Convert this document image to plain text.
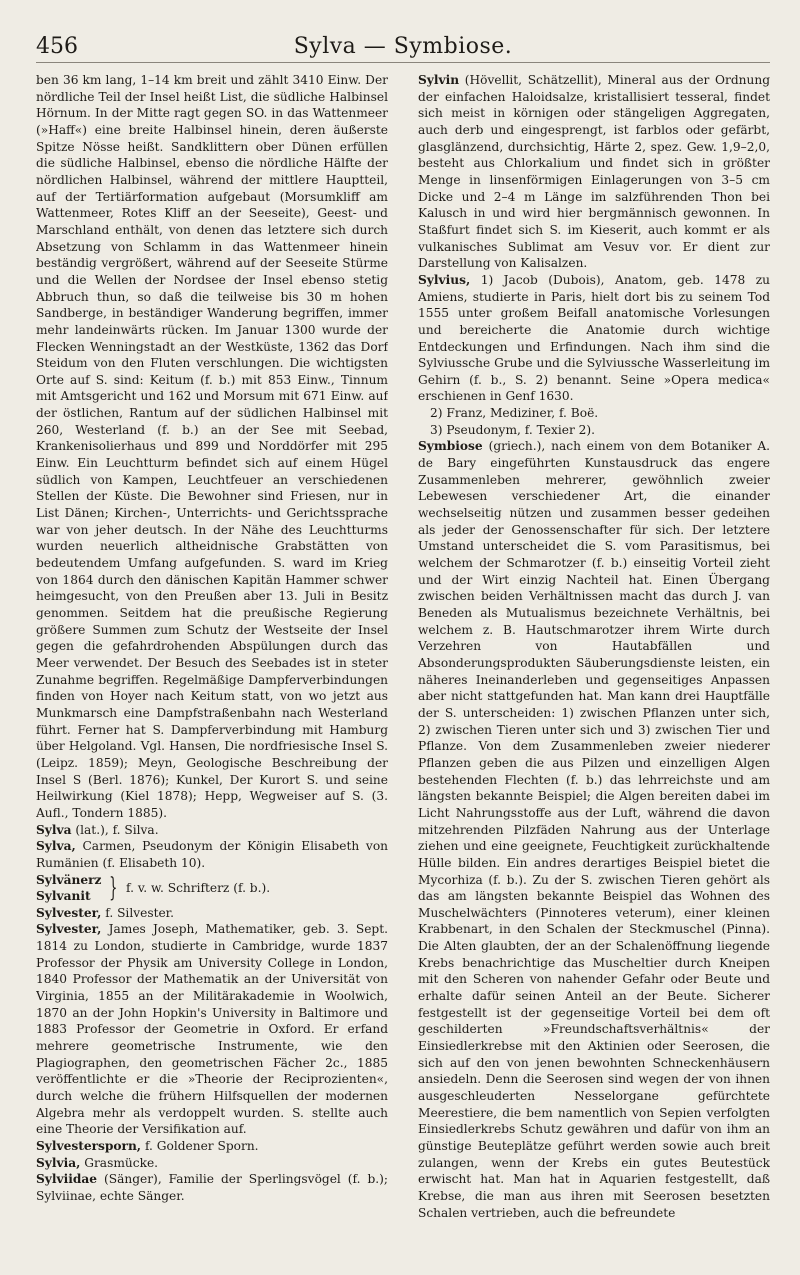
456	Sylva — Symbiose.

ben 36 km lang, 1–14 km breit und zählt 3410 Einw. Der nördliche Teil der Insel heißt List, die südliche Halbinsel Hörnum. In der Mitte ragt gegen SO. in das Wattenmeer (»Haff«) eine breite Halbinsel hinein, deren äußerste Spitze Nösse heißt. Sandklittern ober Dünen erfüllen die südliche Halbinsel, ebenso die nördliche Hälfte der nördlichen Halbinsel, während der mittlere Hauptteil, auf der Tertiärformation aufgebaut (Morsumkliff am Wattenmeer, Rotes Kliff an der Seeseite), Geest- und Marschland enthält, von denen das letztere sich durch Absetzung von Schlamm in das Wattenmeer hinein beständig vergrößert, während auf der Seeseite Stürme und die Wellen der Nordsee der Insel ebenso stetig Abbruch thun, so daß die teilweise bis 30 m hohen Sandberge, in beständiger Wanderung begriffen, immer mehr landeinwärts rücken. Im Januar 1300 wurde der Flecken Wenningstadt an der Westküste, 1362 das Dorf Steidum von den Fluten verschlungen. Die wichtigsten Orte auf S. sind: Keitum (f. b.) mit 853 Einw., Tinnum mit Amtsgericht und 162 und Morsum mit 671 Einw. auf der östlichen, Rantum auf der südlichen Halbinsel mit 260, Westerland (f. b.) an der See mit Seebad, Krankenisolierhaus und 899 und Norddörfer mit 295 Einw. Ein Leuchtturm befindet sich auf einem Hügel südlich von Kampen, Leuchtfeuer an verschiedenen Stellen der Küste. Die Bewohner sind Friesen, nur in List Dänen; Kirchen-, Unterrichts- und Gerichtssprache war von jeher deutsch. In der Nähe des Leuchtturms wurden neuerlich altheidnische Grabstätten von bedeutendem Umfang aufgefunden. S. ward im Krieg von 1864 durch den dänischen Kapitän Hammer schwer heimgesucht, von den Preußen aber 13. Juli in Besitz genommen. Seitdem hat die preußische Regierung größere Summen zum Schutz der Westseite der Insel gegen die gefahrdrohenden Abspülungen durch das Meer verwendet. Der Besuch des Seebades ist in steter Zunahme begriffen. Regelmäßige Dampferverbindungen finden von Hoyer nach Keitum statt, von wo jetzt aus Munkmarsch eine Dampfstraßenbahn nach Westerland führt. Ferner hat S. Dampferverbindung mit Hamburg über Helgoland. Vgl. Hansen, Die nordfriesische Insel S. (Leipz. 1859); Meyn, Geologische Beschreibung der Insel S (Berl. 1876); Kunkel, Der Kurort S. und seine Heilwirkung (Kiel 1878); Hepp, Wegweiser auf S. (3. Aufl., Tondern 1885).

Sylva (lat.), f. Silva.

Sylva, Carmen, Pseudonym der Königin Elisabeth von Rumänien (f. Elisabeth 10).

Sylvänerz
Sylvanit } f. v. w. Schrifterz (f. b.).

Sylvester, f. Silvester.

Sylvester, James Joseph, Mathematiker, geb. 3. Sept. 1814 zu London, studierte in Cambridge, wurde 1837 Professor der Physik am University College in London, 1840 Professor der Mathematik an der Universität von Virginia, 1855 an der Militärakademie in Woolwich, 1870 an der John Hopkin's University in Baltimore und 1883 Professor der Geometrie in Oxford. Er erfand mehrere geometrische Instrumente, wie den Plagiographen, den geometrischen Fächer 2c., 1885 veröffentlichte er die »Theorie der Reciprozienten«, durch welche die frühern Hilfsquellen der modernen Algebra mehr als verdoppelt wurden. S. stellte auch eine Theorie der Versifikation auf.

Sylvestersporn, f. Goldener Sporn.

Sylvia, Grasmücke.

Sylviidae (Sänger), Familie der Sperlingsvögel (f. b.); Sylviinae, echte Sänger.

Sylvin (Hövellit, Schätzellit), Mineral aus der Ordnung der einfachen Haloidsalze, kristallisiert tesseral, findet sich meist in körnigen oder stängeligen Aggregaten, auch derb und eingesprengt, ist farblos oder gefärbt, glasglänzend, durchsichtig, Härte 2, spez. Gew. 1,9–2,0, besteht aus Chlorkalium und findet sich in größter Menge in linsenförmigen Einlagerungen von 3–5 cm Dicke und 2–4 m Länge im salzführenden Thon bei Kalusch in und wird hier bergmännisch gewonnen. In Staßfurt findet sich S. im Kieserit, auch kommt er als vulkanisches Sublimat am Vesuv vor. Er dient zur Darstellung von Kalisalzen.

Sylvius, 1) Jacob (Dubois), Anatom, geb. 1478 zu Amiens, studierte in Paris, hielt dort bis zu seinem Tod 1555 unter großem Beifall anatomische Vorlesungen und bereicherte die Anatomie durch wichtige Entdeckungen und Erfindungen. Nach ihm sind die Sylviussche Grube und die Sylviussche Wasserleitung im Gehirn (f. b., S. 2) benannt. Seine »Opera medica« erschienen in Genf 1630.

2) Franz, Mediziner, f. Boë.

3) Pseudonym, f. Texier 2).

Symbiose (griech.), nach einem von dem Botaniker A. de Bary eingeführten Kunstausdruck das engere Zusammenleben mehrerer, gewöhnlich zweier Lebewesen verschiedener Art, die einander wechselseitig nützen und zusammen besser gedeihen als jeder der Genossenschafter für sich. Der letztere Umstand unterscheidet die S. vom Parasitismus, bei welchem der Schmarotzer (f. b.) einseitig Vorteil zieht und der Wirt einzig Nachteil hat. Einen Übergang zwischen beiden Verhältnissen macht das durch J. van Beneden als Mutualismus bezeichnete Verhältnis, bei welchem z. B. Hautschmarotzer ihrem Wirte durch Verzehren von Hautabfällen und Absonderungsprodukten Säuberungsdienste leisten, ein näheres Ineinanderleben und gegenseitiges Anpassen aber nicht stattgefunden hat. Man kann drei Hauptfälle der S. unterscheiden: 1) zwischen Pflanzen unter sich, 2) zwischen Tieren unter sich und 3) zwischen Tier und Pflanze. Von dem Zusammenleben zweier niederer Pflanzen geben die aus Pilzen und einzelligen Algen bestehenden Flechten (f. b.) das lehrreichste und am längsten bekannte Beispiel; die Algen bereiten dabei im Licht Nahrungsstoffe aus der Luft, während die davon mitzehrenden Pilzfäden Nahrung aus der Unterlage ziehen und eine geeignete, Feuchtigkeit zurückhaltende Hülle bilden. Ein andres derartiges Beispiel bietet die Mycorhiza (f. b.). Zu der S. zwischen Tieren gehört als das am längsten bekannte Beispiel das Wohnen des Muschelwächters (Pinnoteres veterum), einer kleinen Krabbenart, in den Schalen der Steckmuschel (Pinna). Die Alten glaubten, der an der Schalenöffnung liegende Krebs benachrichtige das Muscheltier durch Kneipen mit den Scheren von nahender Gefahr oder Beute und erhalte dafür seinen Anteil an der Beute. Sicherer festgestellt ist der gegenseitige Vorteil bei dem oft geschilderten »Freundschaftsverhältnis« der Einsiedlerkrebse mit den Aktinien oder Seerosen, die sich auf den von jenen bewohnten Schneckenhäusern ansiedeln. Denn die Seerosen sind wegen der von ihnen ausgeschleuderten Nesselorgane gefürchtete Meerestiere, die bem namentlich von Sepien verfolgten Einsiedlerkrebs Schutz gewähren und dafür von ihm an günstige Beuteplätze geführt werden sowie auch breit zulangen, wenn der Krebs ein gutes Beutestück erwischt hat. Man hat in Aquarien festgestellt, daß Krebse, die man aus ihren mit Seerosen besetzten Schalen vertrieben, auch die befreundete
